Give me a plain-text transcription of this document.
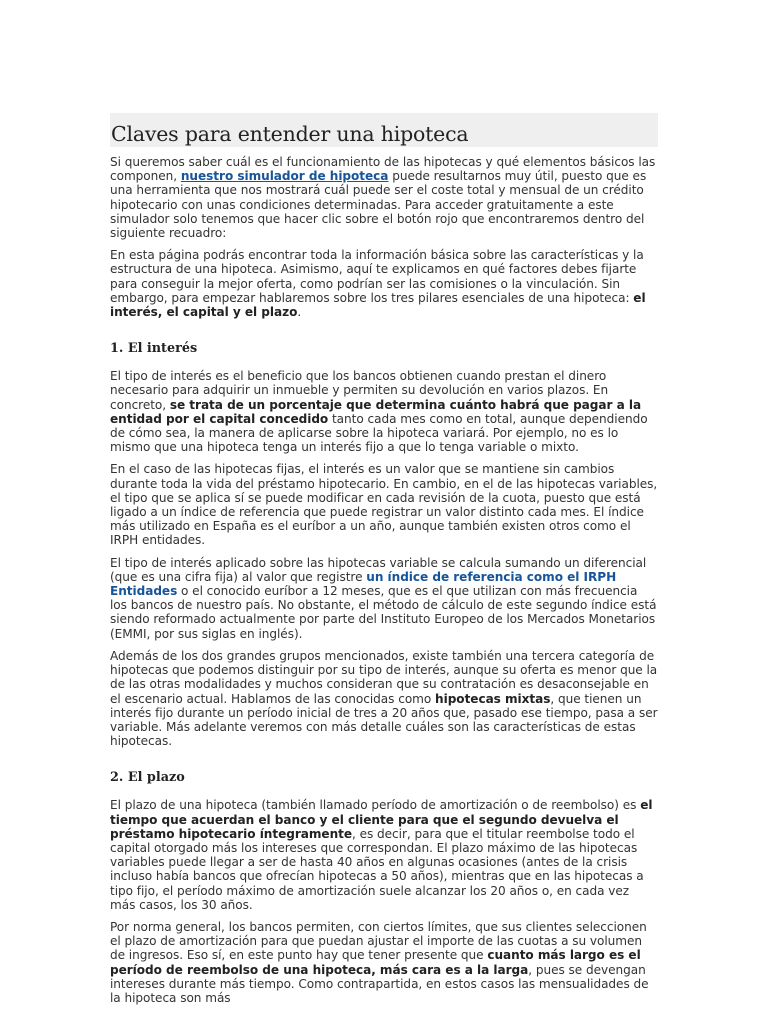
Claves para entender una hipoteca

Si queremos saber cuál es el funcionamiento de las hipotecas y qué elementos básicos las componen, nuestro simulador de hipoteca puede resultarnos muy útil, puesto que es una herramienta que nos mostrará cuál puede ser el coste total y mensual de un crédito hipotecario con unas condiciones determinadas. Para acceder gratuitamente a este simulador solo tenemos que hacer clic sobre el botón rojo que encontraremos dentro del siguiente recuadro:

En esta página podrás encontrar toda la información básica sobre las características y la estructura de una hipoteca. Asimismo, aquí te explicamos en qué factores debes fijarte para conseguir la mejor oferta, como podrían ser las comisiones o la vinculación. Sin embargo, para empezar hablaremos sobre los tres pilares esenciales de una hipoteca: el interés, el capital y el plazo.

1. El interés

El tipo de interés es el beneficio que los bancos obtienen cuando prestan el dinero necesario para adquirir un inmueble y permiten su devolución en varios plazos. En concreto, se trata de un porcentaje que determina cuánto habrá que pagar a la entidad por el capital concedido tanto cada mes como en total, aunque dependiendo de cómo sea, la manera de aplicarse sobre la hipoteca variará. Por ejemplo, no es lo mismo que una hipoteca tenga un interés fijo a que lo tenga variable o mixto.

En el caso de las hipotecas fijas, el interés es un valor que se mantiene sin cambios durante toda la vida del préstamo hipotecario. En cambio, en el de las hipotecas variables, el tipo que se aplica sí se puede modificar en cada revisión de la cuota, puesto que está ligado a un índice de referencia que puede registrar un valor distinto cada mes. El índice más utilizado en España es el euríbor a un año, aunque también existen otros como el IRPH entidades.

El tipo de interés aplicado sobre las hipotecas variable se calcula sumando un diferencial (que es una cifra fija) al valor que registre un índice de referencia como el IRPH Entidades o el conocido euríbor a 12 meses, que es el que utilizan con más frecuencia los bancos de nuestro país. No obstante, el método de cálculo de este segundo índice está siendo reformado actualmente por parte del Instituto Europeo de los Mercados Monetarios (EMMI, por sus siglas en inglés).

Además de los dos grandes grupos mencionados, existe también una tercera categoría de hipotecas que podemos distinguir por su tipo de interés, aunque su oferta es menor que la de las otras modalidades y muchos consideran que su contratación es desaconsejable en el escenario actual. Hablamos de las conocidas como hipotecas mixtas, que tienen un interés fijo durante un período inicial de tres a 20 años que, pasado ese tiempo, pasa a ser variable. Más adelante veremos con más detalle cuáles son las características de estas hipotecas.

2. El plazo

El plazo de una hipoteca (también llamado período de amortización o de reembolso) es el tiempo que acuerdan el banco y el cliente para que el segundo devuelva el préstamo hipotecario íntegramente, es decir, para que el titular reembolse todo el capital otorgado más los intereses que correspondan. El plazo máximo de las hipotecas variables puede llegar a ser de hasta 40 años en algunas ocasiones (antes de la crisis incluso había bancos que ofrecían hipotecas a 50 años), mientras que en las hipotecas a tipo fijo, el período máximo de amortización suele alcanzar los 20 años o, en cada vez más casos, los 30 años.

Por norma general, los bancos permiten, con ciertos límites, que sus clientes seleccionen el plazo de amortización para que puedan ajustar el importe de las cuotas a su volumen de ingresos. Eso sí, en este punto hay que tener presente que cuanto más largo es el período de reembolso de una hipoteca, más cara es a la larga, pues se devengan intereses durante más tiempo. Como contrapartida, en estos casos las mensualidades de la hipoteca son más
